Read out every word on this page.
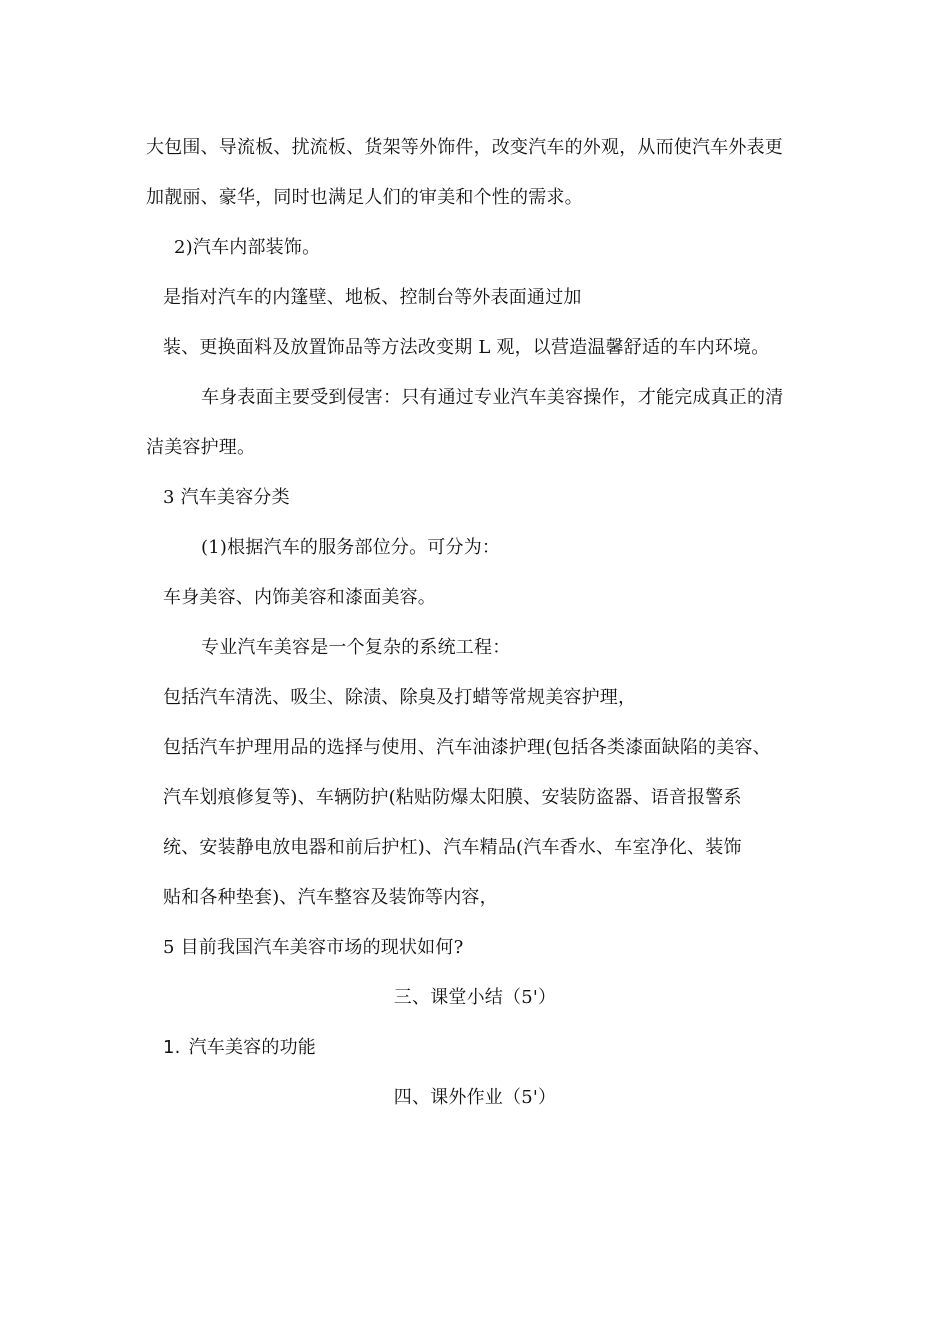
大包围、导流板、扰流板、货架等外饰件，改变汽车的外观，从而使汽车外表更
加靓丽、豪华，同时也满足人们的审美和个性的需求。
2)汽车内部装饰。
是指对汽车的内篷壁、地板、控制台等外表面通过加
装、更换面料及放置饰品等方法改变期 L 观，以营造温馨舒适的车内环境。
车身表面主要受到侵害：只有通过专业汽车美容操作，才能完成真正的清
洁美容护理。
3 汽车美容分类
(1)根据汽车的服务部位分。可分为：
车身美容、内饰美容和漆面美容。
专业汽车美容是一个复杂的系统工程：
包括汽车清洗、吸尘、除渍、除臭及打蜡等常规美容护理，
包括汽车护理用品的选择与使用、汽车油漆护理(包括各类漆面缺陷的美容、
汽车划痕修复等)、车辆防护(粘贴防爆太阳膜、安装防盗器、语音报警系
统、安装静电放电器和前后护杠)、汽车精品(汽车香水、车室净化、装饰
贴和各种垫套)、汽车整容及装饰等内容，
5 目前我国汽车美容市场的现状如何?
三、课堂小结（5'）
1. 汽车美容的功能
四、课外作业（5'）
